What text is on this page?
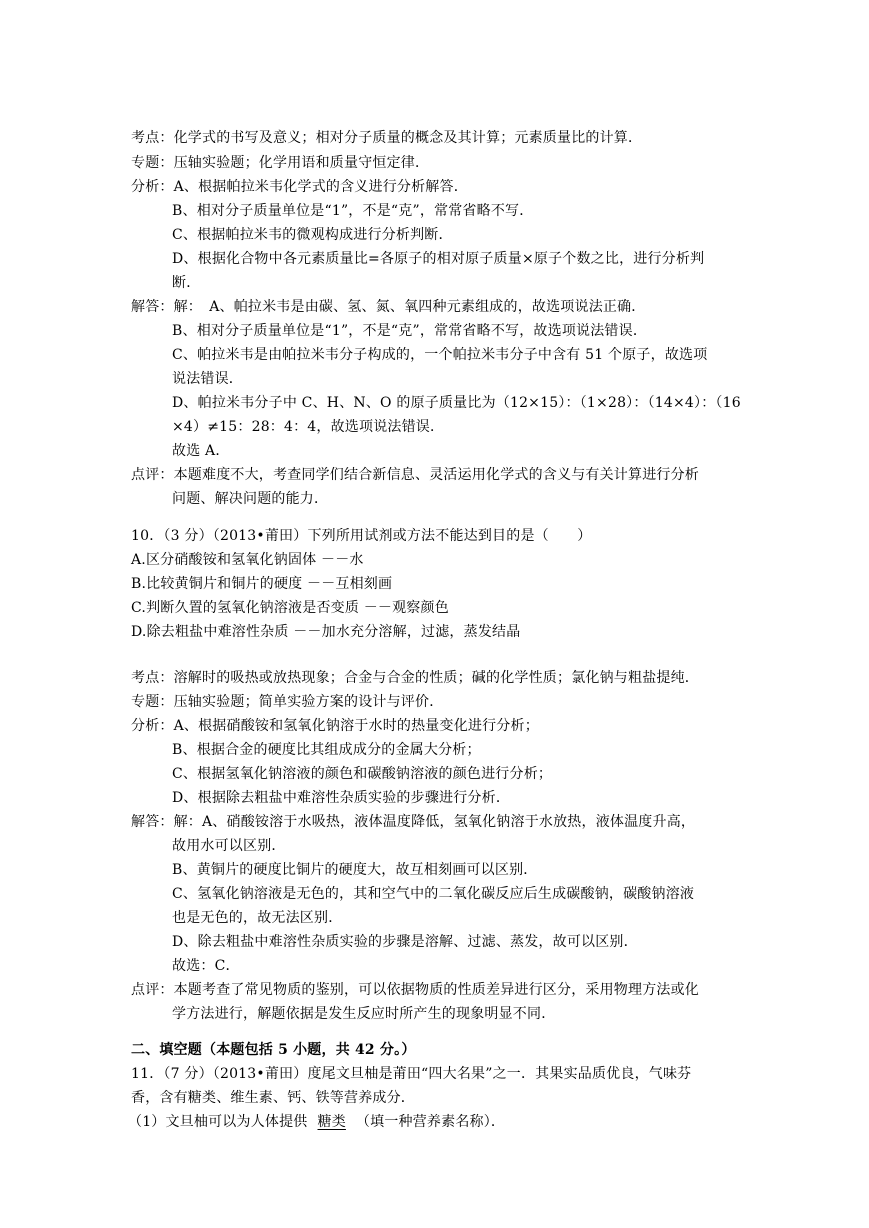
考点：化学式的书写及意义；相对分子质量的概念及其计算；元素质量比的计算．
专题：压轴实验题；化学用语和质量守恒定律．
分析：A、根据帕拉米韦化学式的含义进行分析解答．
B、相对分子质量单位是“1”，不是“克”，常常省略不写．
C、根据帕拉米韦的微观构成进行分析判断．
D、根据化合物中各元素质量比=各原子的相对原子质量×原子个数之比，进行分析判
断．
解答：解：　A、帕拉米韦是由碳、氢、氮、氧四种元素组成的，故选项说法正确．
B、相对分子质量单位是“1”，不是“克”，常常省略不写，故选项说法错误．
C、帕拉米韦是由帕拉米韦分子构成的，一个帕拉米韦分子中含有 51 个原子，故选项
说法错误．
D、帕拉米韦分子中 C、H、N、O 的原子质量比为（12×15）：（1×28）：（14×4）：（16
×4）≠15：28：4：4，故选项说法错误．
故选 A．
点评：本题难度不大，考查同学们结合新信息、灵活运用化学式的含义与有关计算进行分析
问题、解决问题的能力．
10．（3 分）（2013•莆田）下列所用试剂或方法不能达到目的是（　　）
A.区分硝酸铵和氢氧化钠固体 －－水
B.比较黄铜片和铜片的硬度 －－互相刻画
C.判断久置的氢氧化钠溶液是否变质 －－观察颜色
D.除去粗盐中难溶性杂质 －－加水充分溶解，过滤，蒸发结晶
考点：溶解时的吸热或放热现象；合金与合金的性质；碱的化学性质；氯化钠与粗盐提纯．
专题：压轴实验题；简单实验方案的设计与评价．
分析：A、根据硝酸铵和氢氧化钠溶于水时的热量变化进行分析；
B、根据合金的硬度比其组成成分的金属大分析；
C、根据氢氧化钠溶液的颜色和碳酸钠溶液的颜色进行分析；
D、根据除去粗盐中难溶性杂质实验的步骤进行分析．
解答：解：A、硝酸铵溶于水吸热，液体温度降低，氢氧化钠溶于水放热，液体温度升高，
故用水可以区别．
B、黄铜片的硬度比铜片的硬度大，故互相刻画可以区别．
C、氢氧化钠溶液是无色的，其和空气中的二氧化碳反应后生成碳酸钠，碳酸钠溶液
也是无色的，故无法区别．
D、除去粗盐中难溶性杂质实验的步骤是溶解、过滤、蒸发，故可以区别．
故选：C．
点评：本题考查了常见物质的鉴别，可以依据物质的性质差异进行区分，采用物理方法或化
学方法进行，解题依据是发生反应时所产生的现象明显不同．
二、填空题（本题包括 5 小题，共 42 分。）
11．（7 分）（2013•莆田）度尾文旦柚是莆田“四大名果”之一．其果实品质优良，气味芬
香，含有糖类、维生素、钙、铁等营养成分．
（1）文旦柚可以为人体提供 糖类 （填一种营养素名称）．
